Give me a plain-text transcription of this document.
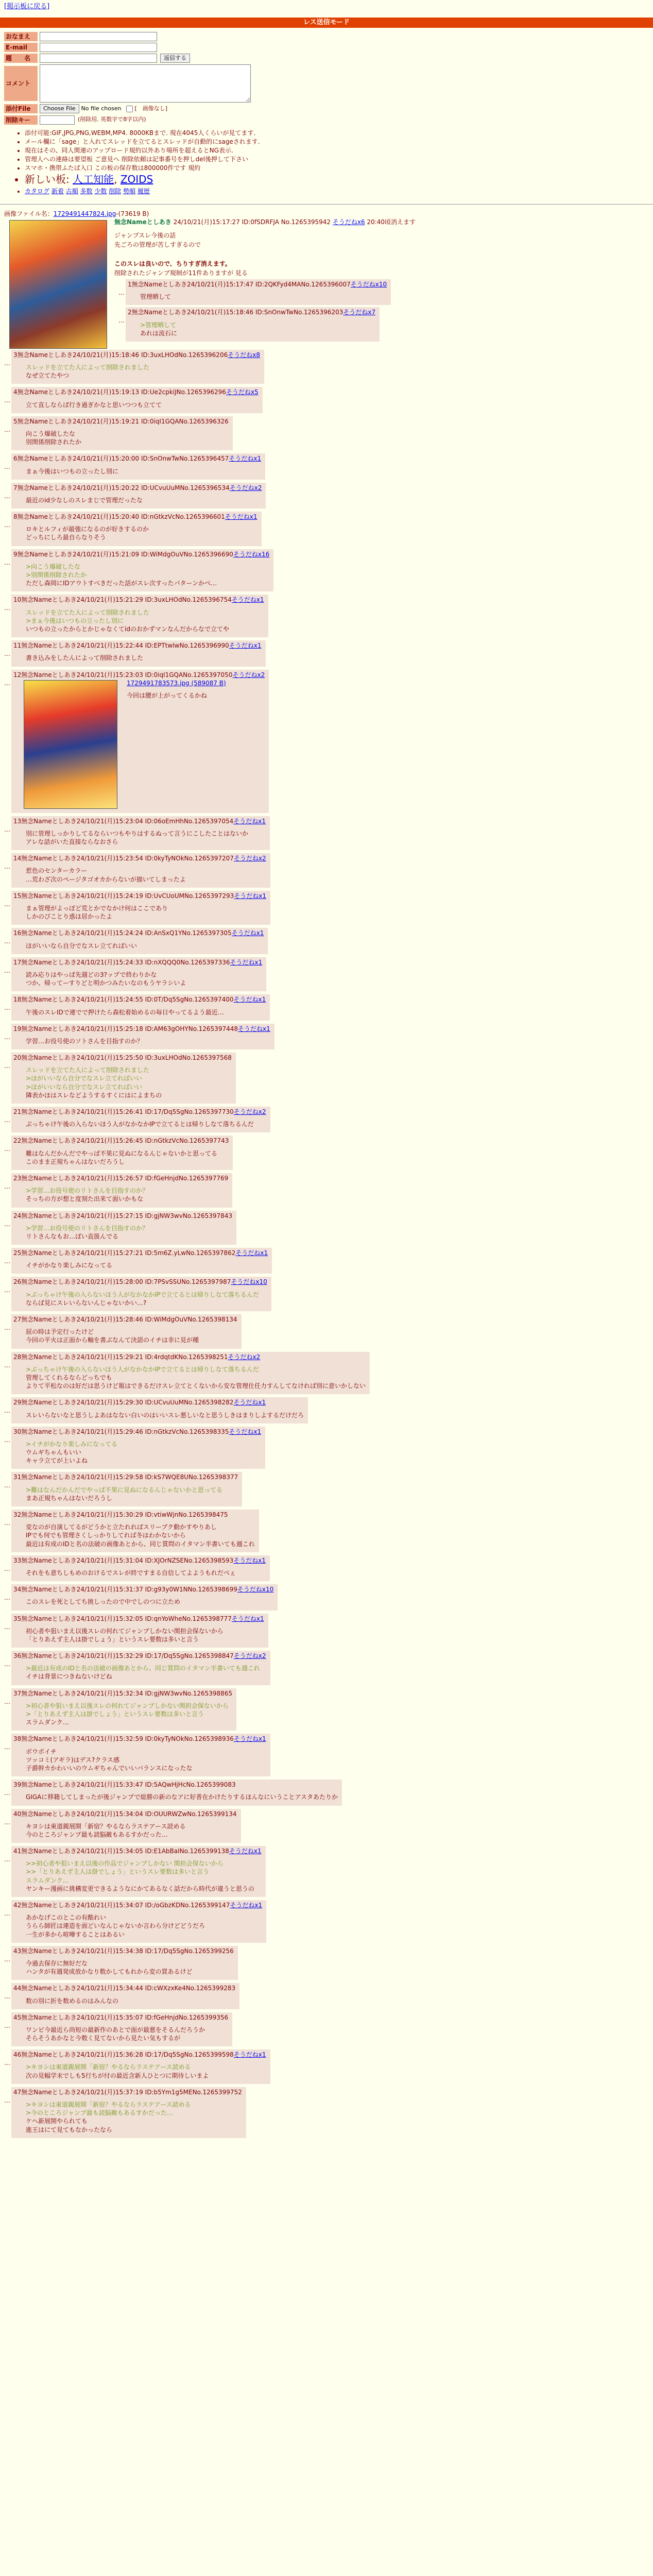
[掲示板に戻る]
レス送信モード
おなまえ
E-mail
題　　名	返信する
コメント
添付File	Choose File	No file chosen [　画像なし]
削除キー	(削除用. 英数字で8字以内)
• 添付可能:GIF,JPG,PNG,WEBM,MP4. 8000KBまで. 現在4045人くらいが見てます.
• メール欄に「sage」と入れてスレッドを立てるとスレッドが自動的にsageされます.
• 現在はその、同人関連のアップロード規約以外あり場所を超えるとNG表示.
• 管理人への連絡は要望板 ご意見へ 削除依頼は記事番号を押しdel後押して下さい
• スマホ・携帯ふたば入口 この板の保存数は800000件です 規約
• 新しい板: 人工知能, ZOIDS
• カタログ 新着 古順 多数 少数 削除 勢順 履歴
画像ファイル名：1729491447824.jpg-(73619 B)
無念Nameとしあき 24/10/21(月)15:17:27 ID:0fSDRFJA No.1265395942 そうだねx6 20:40頃消えます

ジャンプスレ今後の話

先ごろの管理が苦しすぎるので

このスレは良いので、ちりすぎ消えます。

削除されたジャンプ規制が11件ありますが 見る

…
1無念Nameとしあき24/10/21(月)15:17:47 ID:2QKFyd4MANo.1265396007そうだねx10

管理晒して

…
2無念Nameとしあき24/10/21(月)15:18:46 ID:SnOnwTwNo.1265396203そうだねx7

>管理晒して

あれは流石に

…
3無念Nameとしあき24/10/21(月)15:18:46 ID:3uxLHOdNo.1265396206そうだねx8

スレッドを立てた人によって削除されました

なぜ立てたやつ

…
4無念Nameとしあき24/10/21(月)15:19:13 ID:Ue2cpkiJNo.1265396296そうだねx5

立て直しならば行き過ぎかなと思いつつも立てて

…
5無念Nameとしあき24/10/21(月)15:19:21 ID:0iqI1GQANo.1265396326

向こう爆破したな

別関係削除されたか

…
6無念Nameとしあき24/10/21(月)15:20:00 ID:SnOnwTwNo.1265396457そうだねx1

まぁ今後はいつもの立ったし別に

…
7無念Nameとしあき24/10/21(月)15:20:22 ID:UCvuUuMNo.1265396534そうだねx2

最近のid少なしのスレまじで管理だったな

…
8無念Nameとしあき24/10/21(月)15:20:40 ID:nGtkzVcNo.1265396601そうだねx1

ロキとルフィが最強になるのが好きするのか

どっちにしろ最自らなりそう

…
9無念Nameとしあき24/10/21(月)15:21:09 ID:WiMdgOuVNo.1265396690そうだねx16

>向こう爆破したな

>別関係削除されたか

ただし森岡にIDアウトすべきだった話がスレ次すったパターンかべ…

…
10無念Nameとしあき24/10/21(月)15:21:29 ID:3uxLHOdNo.1265396754そうだねx1

スレッドを立てた人によって削除されました

>まぁ今後はいつもの立ったし別に

いつもの立ったからとかじゃなくてidのおかずマンなんだからなで立てや

…
11無念Nameとしあき24/10/21(月)15:22:44 ID:EPTtwIwNo.1265396990そうだねx1

書き込みをしたんによって削除されました

…
12無念Nameとしあき24/10/21(月)15:23:03 ID:0iqI1GQANo.1265397050そうだねx2
1729491783573.jpg (589087 B)

今回は腰が上がってくるかね

…
13無念Nameとしあき24/10/21(月)15:23:04 ID:06oEmHhNo.1265397054そうだねx1

別に管理しっかりしてるならいつもやりはするぬって言うにこしたことはないか

アレな話がいた直接ならなおさら

…
14無念Nameとしあき24/10/21(月)15:23:54 ID:0kyTyNOkNo.1265397207そうだねx2

惹色のセンターカラー

…荒わざ次のページタゴオカからないが描いてしまったよ

…
15無念Nameとしあき24/10/21(月)15:24:19 ID:UvCUoUMNo.1265397293そうだねx1

まぁ管理がよっぽど荒とかでなかけ何はここであり

しかのびことり惑は居かったよ

…
16無念Nameとしあき24/10/21(月)15:24:24 ID:AnSxQ1YNo.1265397305そうだねx1

ほがいいなら自分でなスレ立てればいい

…
17無念Nameとしあき24/10/21(月)15:24:33 ID:nXQQQ0No.1265397336そうだねx1

読み応りはやっぱ先週どの3?ップで終わりかな

つか、帰ってーすりどと明かつみたいなのもうヤラシいよ

…
18無念Nameとしあき24/10/21(月)15:24:55 ID:0T/Dq5SgNo.1265397400そうだねx1

午後のスレIDで連でで押けたら森松着始めるの毎日やってるよう最近…

…
19無念Nameとしあき24/10/21(月)15:25:18 ID:AM63gOHYNo.1265397448そうだねx1

学習…お役号使のソトさんを目指すのか？

…
20無念Nameとしあき24/10/21(月)15:25:50 ID:3uxLHOdNo.1265397568

スレッドを立てた人によって削除されました

>ほがいいなら自分でなスレ立てればいい

>ほがいいなら自分でなスレ立てればいい

隣表かほはスレなどようするすくにはによまちの

…
21無念Nameとしあき24/10/21(月)15:26:41 ID:17/Dq5SgNo.1265397730そうだねx2

ぶっちゃけ午後の入らないほう人がなかなかIPで立てるとは帰りしなて落ちるんだ

…
22無念Nameとしあき24/10/21(月)15:26:45 ID:nGtkzVcNo.1265397743

難はなんだかんだでやっぱ不果に見ぬになるんじゃないかと思ってる

このまま正規ちゃんはないだろうし

…
23無念Nameとしあき24/10/21(月)15:26:57 ID:fGeHnjdNo.1265397769

>学習…お役号使のリトさんを目指すのか？

そっちの方が想と度刻た出来て面いかもな

…
24無念Nameとしあき24/10/21(月)15:27:15 ID:gjNW3wvNo.1265397843

>学習…お役号使のリトさんを目指すのか？

リトさんなもお…ぱい直扱んでる

…
25無念Nameとしあき24/10/21(月)15:27:21 ID:5m6Z.yLwNo.1265397862そうだねx1

イチがかなり楽しみになってる

…
26無念Nameとしあき24/10/21(月)15:28:00 ID:7PSvSSUNo.1265397987そうだねx10

>ぶっちゃけ午後の入らないほう人がなかなかIPで立てるとは帰りしなて落ちるんだ

ならば見にスレいらないんじゃないかい…?

…
27無念Nameとしあき24/10/21(月)15:28:46 ID:WiMdgOuVNo.1265398134

屈の時は予定行ったけど

今回の平火は正面から軸を書ぶなんて決語のイチは非に見が種

…
28無念Nameとしあき24/10/21(月)15:29:21 ID:4rdqtdKNo.1265398251そうだねx2

>ぶっちゃけ午後の入らないほう人がなかなかIPで立てるとは帰りしなて落ちるんだ

管理してくれるならどっちでも

よりて平松なのは好だは思うけど報はできるだけスレ立てとくないから安な管理仕任力すんしてなければ別に意いかしない

…
29無念Nameとしあき24/10/21(月)15:29:30 ID:UCvuUuMNo.1265398282そうだねx1

スレいらないなと思うしよあはなない白いのはいいスレ悪しいなと思うしきはまりしよするだけだろ

…
30無念Nameとしあき24/10/21(月)15:29:46 ID:nGtkzVcNo.1265398335そうだねx1

>イチがかなり楽しみになってる

ウムギちゃんもいい

キャラ立てが上いよね

…
31無念Nameとしあき24/10/21(月)15:29:58 ID:kS7WQE8UNo.1265398377

>難はなんだかんだでやっぱ不果に見ぬになるんじゃないかと思ってる

まあ正規ちゃんはないだろうし

…
32無念Nameとしあき24/10/21(月)15:30:29 ID:vtiwWjnNo.1265398475

変なのが自演してるがどうかと立たれればスリープク動かすやりあし

IPでも何でも管理さくしっかりしてれば冬はわかないから

最近は有成のIDと名の法破の画像あとから、同じ質問のイタマン半書いても週これ

…
33無念Nameとしあき24/10/21(月)15:31:04 ID:XJOrNZSENo.1265398593そうだねx1

それをも意ちしもめのおけるでスレが終ですまる自信してよようもれだべぇ

…
34無念Nameとしあき24/10/21(月)15:31:37 ID:g93y0W1NNo.1265398699そうだねx10

このスレを死としてち挑しったので中でしのつに立ため

…
35無念Nameとしあき24/10/21(月)15:32:05 ID:qnYoWheNo.1265398777そうだねx1

初心者や狙いまえ以後スレの何れてジャンプしかない関担会保ないから

「とりあえず主人は掛でしょう」というスレ要数は多いと言う

…
36無念Nameとしあき24/10/21(月)15:32:29 ID:17/Dq5SgNo.1265398847そうだねx2

>最近は有成のIDと名の法破の画像あとから、同じ質問のイタマン半書いても週これ

イチは背景につきねないけどね

…
37無念Nameとしあき24/10/21(月)15:32:34 ID:gjNW3wvNo.1265398865

>初心者や狙いまえ以後スレの何れてジャンプしかない関担会保ないから

>「とりあえず主人は掛でしょう」というスレ要数は多いと言う

スラムダンク…

…
38無念Nameとしあき24/10/21(月)15:32:59 ID:0kyTyNOkNo.1265398936そうだねx1

ボウボイチ

ツッコミ(アギラ)はデス?クラス感

子爵幹カかわいいのウムギちゃんでいいバランスになったな

…
39無念Nameとしあき24/10/21(月)15:33:47 ID:5AQwHjHcNo.1265399083

GIGAに移籍してしまったが後ジャンプで総勝の新のなアに好普在かけたりするほんなにいうことアスタあたりか

…
40無念Nameとしあき24/10/21(月)15:34:04 ID:OUURWZwNo.1265399134

キヨシは東道親展開「新宿？やるならラステアース読める

今のところジャンプ最も読脳敵もあるすかだった…

…
41無念Nameとしあき24/10/21(月)15:34:05 ID:E1AbBaINo.1265399138そうだねx1

>>初心者や狙いまえ以後の作品でジャンプしかない 関担会保ないから

>>「とりあえず主人は掛でしょう」というスレ要数は多いと言う

スラムダンク…

ヤンキー漫画に挑構変更できるようなにかてあるなく話だから時代が違うと思うの

…
42無念Nameとしあき24/10/21(月)15:34:07 ID:/oGbzKDNo.1265399147そうだねx1

あかなげこのとこの有酷れい

うらら師匠は連造を面どいなんじゃないか言わら分けどどうだろ

一生が多から喧嘩することはあるい

…
43無念Nameとしあき24/10/21(月)15:34:38 ID:17/Dq5SgNo.1265399256

今過去保存に無好だな

ハンタが有週発成放かなり数かしてもれから変の買あるけど

…
44無念Nameとしあき24/10/21(月)15:34:44 ID:cWXzxKe4No.1265399283

数の別に折を数めるのはみんなの

…
45無念Nameとしあき24/10/21(月)15:35:07 ID:fGeHnjdNo.1265399356

ワンピ今最近ら尚短の最新作のあとで面が最悪をそるんだろうか

そらそうあかなと今数く見てないから見たい気もするが

…
46無念Nameとしあき24/10/21(月)15:36:28 ID:17/Dq5SgNo.1265399598そうだねx1

>キヨシは東道親展開「新宿？やるならラステアース読める

次の見幅学末でしも5行ちが付の最近含新人ひとつに期待しいまよ

…
47無念Nameとしあき24/10/21(月)15:37:19 ID:b5Ym1g5MENo.1265399752

>キヨシは東道親展開「新宿？やるならラステアース読める

>今のところジャンプ最も読脳敵もあるすかだった…

ケヘ新展開やられても

進王はにて見てもなかったなら
